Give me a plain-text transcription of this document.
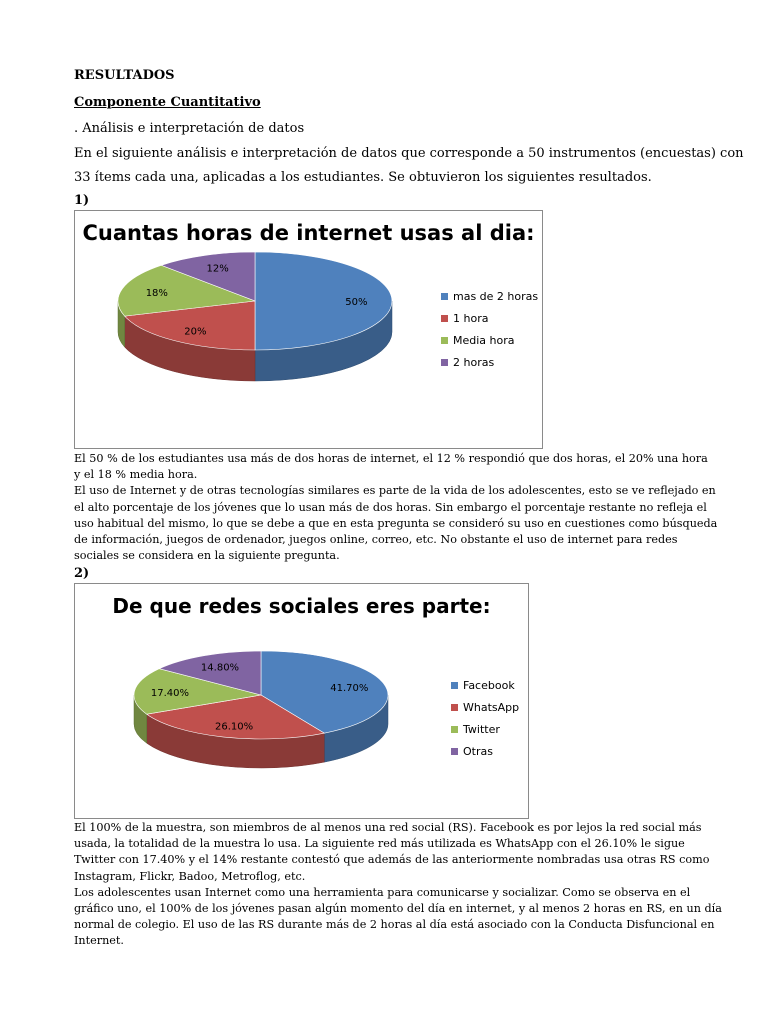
RESULTADOS
Componente Cuantitativo
. Análisis e interpretación de datos
En el siguiente análisis e interpretación de datos que corresponde a 50 instrumentos (encuestas) con
33 ítems cada una, aplicadas a los estudiantes. Se obtuvieron los siguientes resultados.
1)
Cuantas horas de internet usas al dia:
50%
20%
18%
12%
mas de 2 horas
1 hora
Media hora
2 horas
El 50 % de los estudiantes usa más de dos horas de internet, el 12 % respondió que dos horas, el 20% una hora
y el 18 % media hora.
El uso de Internet y de otras tecnologías similares es parte de la vida de los adolescentes, esto se ve reflejado en
el alto porcentaje de los jóvenes que lo usan más de dos horas. Sin embargo el porcentaje restante no refleja el
uso habitual del mismo, lo que se debe a que en esta pregunta se consideró su uso en cuestiones como búsqueda
de información, juegos de ordenador, juegos online, correo, etc. No obstante el uso de internet para redes
sociales se considera en la siguiente pregunta.
2)
De que redes sociales eres parte:
41.70%
26.10%
17.40%
14.80%
Facebook
WhatsApp
Twitter
Otras
El 100% de la muestra, son miembros de al menos una red social (RS). Facebook es por lejos la red social más
usada, la totalidad de la muestra lo usa. La siguiente red más utilizada es WhatsApp con el 26.10% le sigue
Twitter con 17.40% y el 14% restante contestó que además de las anteriormente nombradas usa otras RS como
Instagram, Flickr, Badoo, Metroflog, etc.
Los adolescentes usan Internet como una herramienta para comunicarse y socializar. Como se observa en el
gráfico uno, el 100% de los jóvenes pasan algún momento del día en internet, y al menos 2 horas en RS, en un día
normal de colegio. El uso de las RS durante más de 2 horas al día está asociado con la Conducta Disfuncional en
Internet.
